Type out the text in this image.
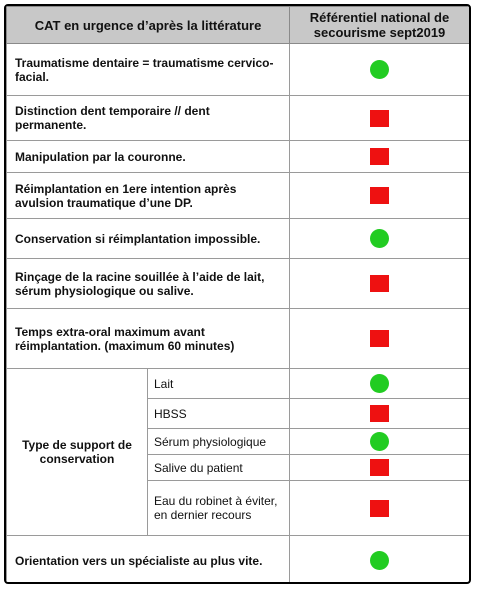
CAT en urgence d’après la littérature		Référentiel national de secourisme sept2019
Traumatisme dentaire = traumatisme cervico-facial.		
Distinction dent temporaire // dent permanente.		
Manipulation par la couronne.		
Réimplantation en 1ere intention après avulsion traumatique d’une DP.		
Conservation si réimplantation impossible.		
Rinçage de la racine souillée à l’aide de lait, sérum physiologique ou salive.		
Temps extra-oral maximum avant réimplantation. (maximum 60 minutes)		
Type de support de conservation	Lait	
	HBSS	
	Sérum physiologique	
	Salive du patient	
	Eau du robinet à éviter, en dernier recours	
Orientation vers un spécialiste au plus vite.		
